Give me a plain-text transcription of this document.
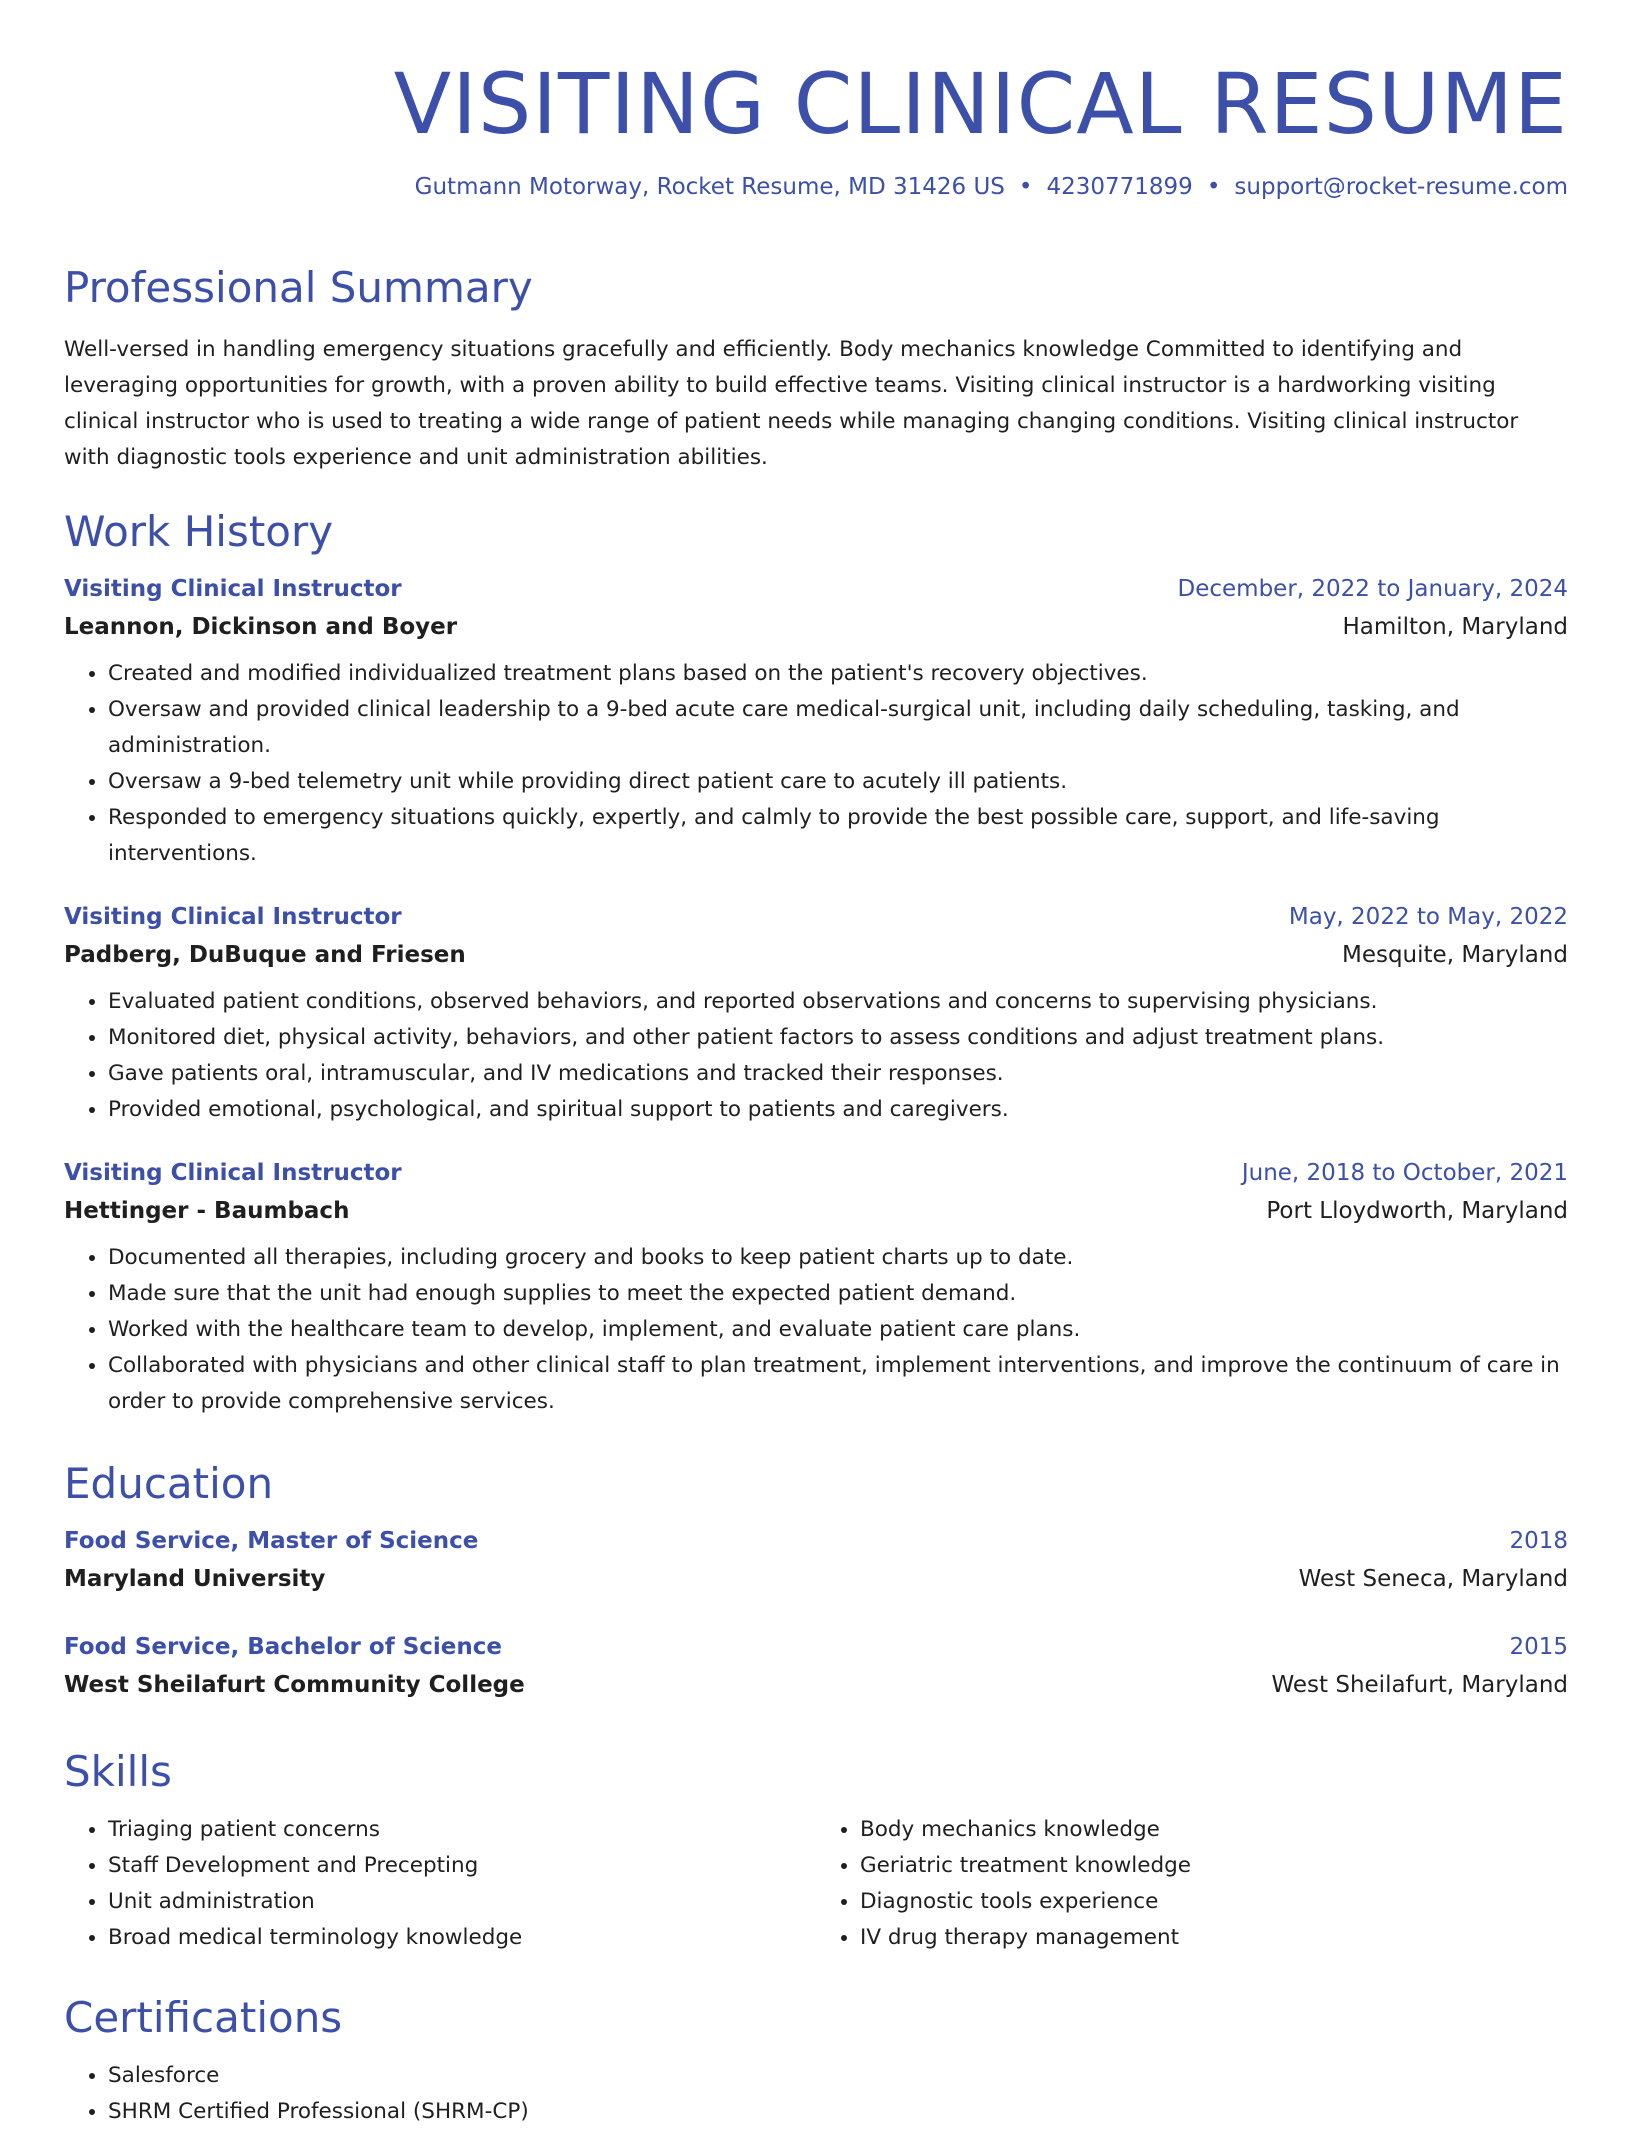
VISITING CLINICAL RESUME
Gutmann Motorway, Rocket Resume, MD 31426 US • 4230771899 • support@rocket-resume.com
Professional Summary
Well-versed in handling emergency situations gracefully and efficiently. Body mechanics knowledge Committed to identifying and leveraging opportunities for growth, with a proven ability to build effective teams. Visiting clinical instructor is a hardworking visiting clinical instructor who is used to treating a wide range of patient needs while managing changing conditions. Visiting clinical instructor with diagnostic tools experience and unit administration abilities.
Work History
Visiting Clinical Instructor	December, 2022 to January, 2024
Leannon, Dickinson and Boyer	Hamilton, Maryland
• Created and modified individualized treatment plans based on the patient's recovery objectives.
• Oversaw and provided clinical leadership to a 9-bed acute care medical-surgical unit, including daily scheduling, tasking, and administration.
• Oversaw a 9-bed telemetry unit while providing direct patient care to acutely ill patients.
• Responded to emergency situations quickly, expertly, and calmly to provide the best possible care, support, and life-saving interventions.
Visiting Clinical Instructor	May, 2022 to May, 2022
Padberg, DuBuque and Friesen	Mesquite, Maryland
• Evaluated patient conditions, observed behaviors, and reported observations and concerns to supervising physicians.
• Monitored diet, physical activity, behaviors, and other patient factors to assess conditions and adjust treatment plans.
• Gave patients oral, intramuscular, and IV medications and tracked their responses.
• Provided emotional, psychological, and spiritual support to patients and caregivers.
Visiting Clinical Instructor	June, 2018 to October, 2021
Hettinger - Baumbach	Port Lloydworth, Maryland
• Documented all therapies, including grocery and books to keep patient charts up to date.
• Made sure that the unit had enough supplies to meet the expected patient demand.
• Worked with the healthcare team to develop, implement, and evaluate patient care plans.
• Collaborated with physicians and other clinical staff to plan treatment, implement interventions, and improve the continuum of care in order to provide comprehensive services.
Education
Food Service, Master of Science	2018
Maryland University	West Seneca, Maryland
Food Service, Bachelor of Science	2015
West Sheilafurt Community College	West Sheilafurt, Maryland
Skills
• Triaging patient concerns
• Staff Development and Precepting
• Unit administration
• Broad medical terminology knowledge
• Body mechanics knowledge
• Geriatric treatment knowledge
• Diagnostic tools experience
• IV drug therapy management
Certifications
• Salesforce
• SHRM Certified Professional (SHRM-CP)
